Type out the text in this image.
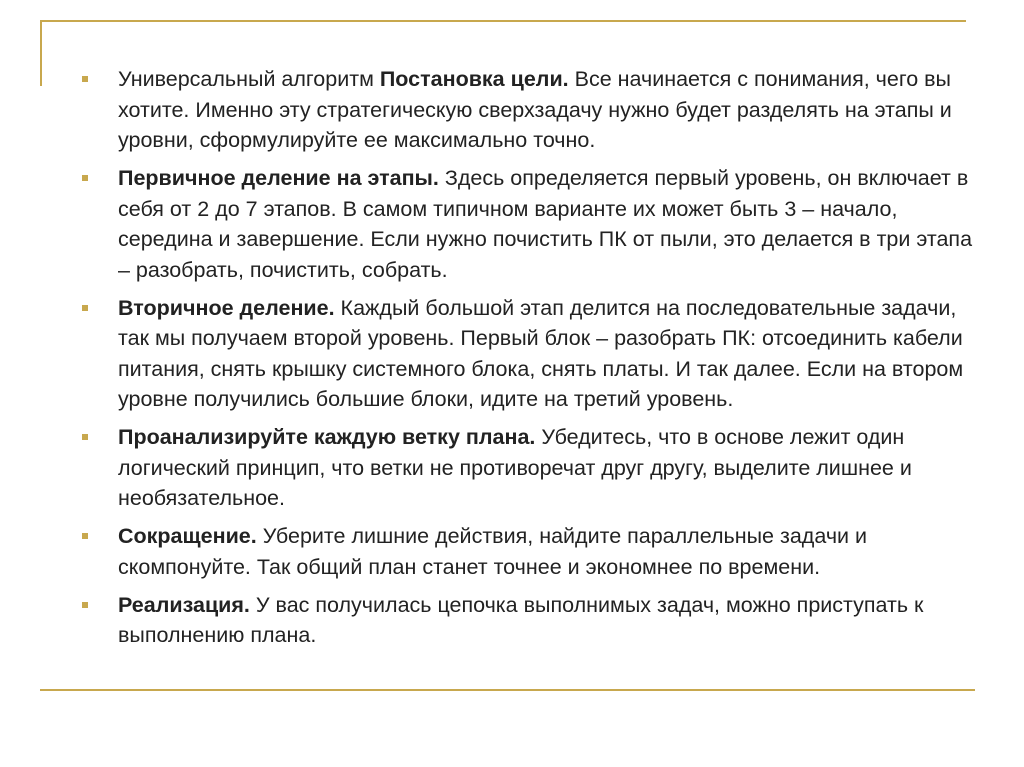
Универсальный алгоритм Постановка цели. Все начинается с понимания, чего вы хотите. Именно эту стратегическую сверхзадачу нужно будет разделять на этапы и уровни, сформулируйте ее максимально точно.
Первичное деление на этапы. Здесь определяется первый уровень, он включает в себя от 2 до 7 этапов. В самом типичном варианте их может быть 3 – начало, середина и завершение. Если нужно почистить ПК от пыли, это делается в три этапа – разобрать, почистить, собрать.
Вторичное деление. Каждый большой этап делится на последовательные задачи, так мы получаем второй уровень. Первый блок – разобрать ПК: отсоединить кабели питания, снять крышку системного блока, снять платы. И так далее. Если на втором уровне получились большие блоки, идите на третий уровень.
Проанализируйте каждую ветку плана. Убедитесь, что в основе лежит один логический принцип, что ветки не противоречат друг другу, выделите лишнее и необязательное.
Сокращение. Уберите лишние действия, найдите параллельные задачи и скомпонуйте. Так общий план станет точнее и экономнее по времени.
Реализация. У вас получилась цепочка выполнимых задач, можно приступать к выполнению плана.
